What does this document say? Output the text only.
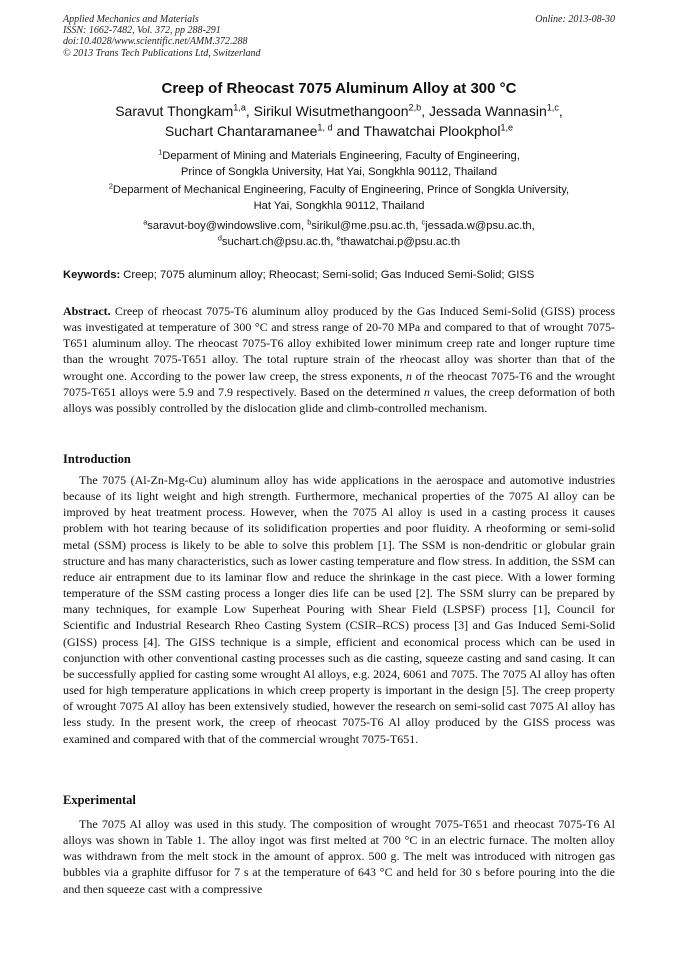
Applied Mechanics and Materials
ISSN: 1662-7482, Vol. 372, pp 288-291
doi:10.4028/www.scientific.net/AMM.372.288
© 2013 Trans Tech Publications Ltd, Switzerland
Online: 2013-08-30
Creep of Rheocast 7075 Aluminum Alloy at 300 °C
Saravut Thongkam$^{1,a}$, Sirikul Wisutmethangoon$^{2,b}$, Jessada Wannasin$^{1,c}$,
Suchart Chantaramanee$^{1, d}$ and Thawatchai Plookphol$^{1,e}$
$^1$Deparment of Mining and Materials Engineering, Faculty of Engineering,
Prince of Songkla University, Hat Yai, Songkhla 90112, Thailand
$^2$Deparment of Mechanical Engineering, Faculty of Engineering, Prince of Songkla University,
Hat Yai, Songkhla 90112, Thailand
$^a$saravut-boy@windowslive.com, $^b$sirikul@me.psu.ac.th, $^c$jessada.w@psu.ac.th,
$^d$suchart.ch@psu.ac.th, $^e$thawatchai.p@psu.ac.th
Keywords: Creep; 7075 aluminum alloy; Rheocast; Semi-solid; Gas Induced Semi-Solid; GISS
Abstract. Creep of rheocast 7075-T6 aluminum alloy produced by the Gas Induced Semi-Solid (GISS) process was investigated at temperature of 300 °C and stress range of 20-70 MPa and compared to that of wrought 7075-T651 aluminum alloy. The rheocast 7075-T6 alloy exhibited lower minimum creep rate and longer rupture time than the wrought 7075-T651 alloy. The total rupture strain of the rheocast alloy was shorter than that of the wrought one. According to the power law creep, the stress exponents, n of the rheocast 7075-T6 and the wrought 7075-T651 alloys were 5.9 and 7.9 respectively. Based on the determined n values, the creep deformation of both alloys was possibly controlled by the dislocation glide and climb-controlled mechanism.
Introduction
The 7075 (Al-Zn-Mg-Cu) aluminum alloy has wide applications in the aerospace and automotive industries because of its light weight and high strength. Furthermore, mechanical properties of the 7075 Al alloy can be improved by heat treatment process. However, when the 7075 Al alloy is used in a casting process it causes problem with hot tearing because of its solidification properties and poor fluidity. A rheoforming or semi-solid metal (SSM) process is likely to be able to solve this problem [1]. The SSM is non-dendritic or globular grain structure and has many characteristics, such as lower casting temperature and flow stress. In addition, the SSM can reduce air entrapment due to its laminar flow and reduce the shrinkage in the cast piece. With a lower forming temperature of the SSM casting process a longer dies life can be used [2]. The SSM slurry can be prepared by many techniques, for example Low Superheat Pouring with Shear Field (LSPSF) process [1], Council for Scientific and Industrial Research Rheo Casting System (CSIR–RCS) process [3] and Gas Induced Semi-Solid (GISS) process [4]. The GISS technique is a simple, efficient and economical process which can be used in conjunction with other conventional casting processes such as die casting, squeeze casting and sand casing. It can be successfully applied for casting some wrought Al alloys, e.g. 2024, 6061 and 7075. The 7075 Al alloy has often used for high temperature applications in which creep property is important in the design [5]. The creep property of wrought 7075 Al alloy has been extensively studied, however the research on semi-solid cast 7075 Al alloy has less study. In the present work, the creep of rheocast 7075-T6 Al alloy produced by the GISS process was examined and compared with that of the commercial wrought 7075-T651.
Experimental
The 7075 Al alloy was used in this study. The composition of wrought 7075-T651 and rheocast 7075-T6 Al alloys was shown in Table 1. The alloy ingot was first melted at 700 °C in an electric furnace. The molten alloy was withdrawn from the melt stock in the amount of approx. 500 g. The melt was introduced with nitrogen gas bubbles via a graphite diffusor for 7 s at the temperature of 643 °C and held for 30 s before pouring into the die and then squeeze cast with a compressive
